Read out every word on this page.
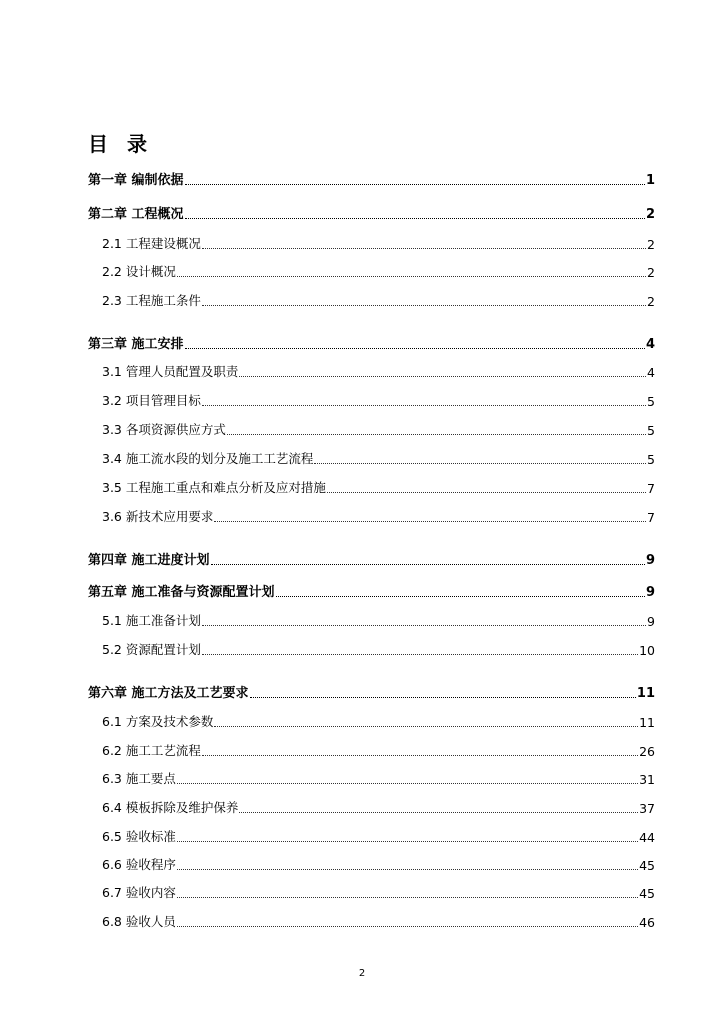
目 录
第一章 编制依据	1
第二章 工程概况	2
2.1 工程建设概况	2
2.2 设计概况	2
2.3 工程施工条件	2
第三章 施工安排	4
3.1 管理人员配置及职责	4
3.2 项目管理目标	5
3.3 各项资源供应方式	5
3.4 施工流水段的划分及施工工艺流程	5
3.5 工程施工重点和难点分析及应对措施	7
3.6 新技术应用要求	7
第四章 施工进度计划	9
第五章 施工准备与资源配置计划	9
5.1 施工准备计划	9
5.2 资源配置计划	10
第六章 施工方法及工艺要求	11
6.1 方案及技术参数	11
6.2 施工工艺流程	26
6.3 施工要点	31
6.4 模板拆除及维护保养	37
6.5 验收标准	44
6.6 验收程序	45
6.7 验收内容	45
6.8 验收人员	46
2
